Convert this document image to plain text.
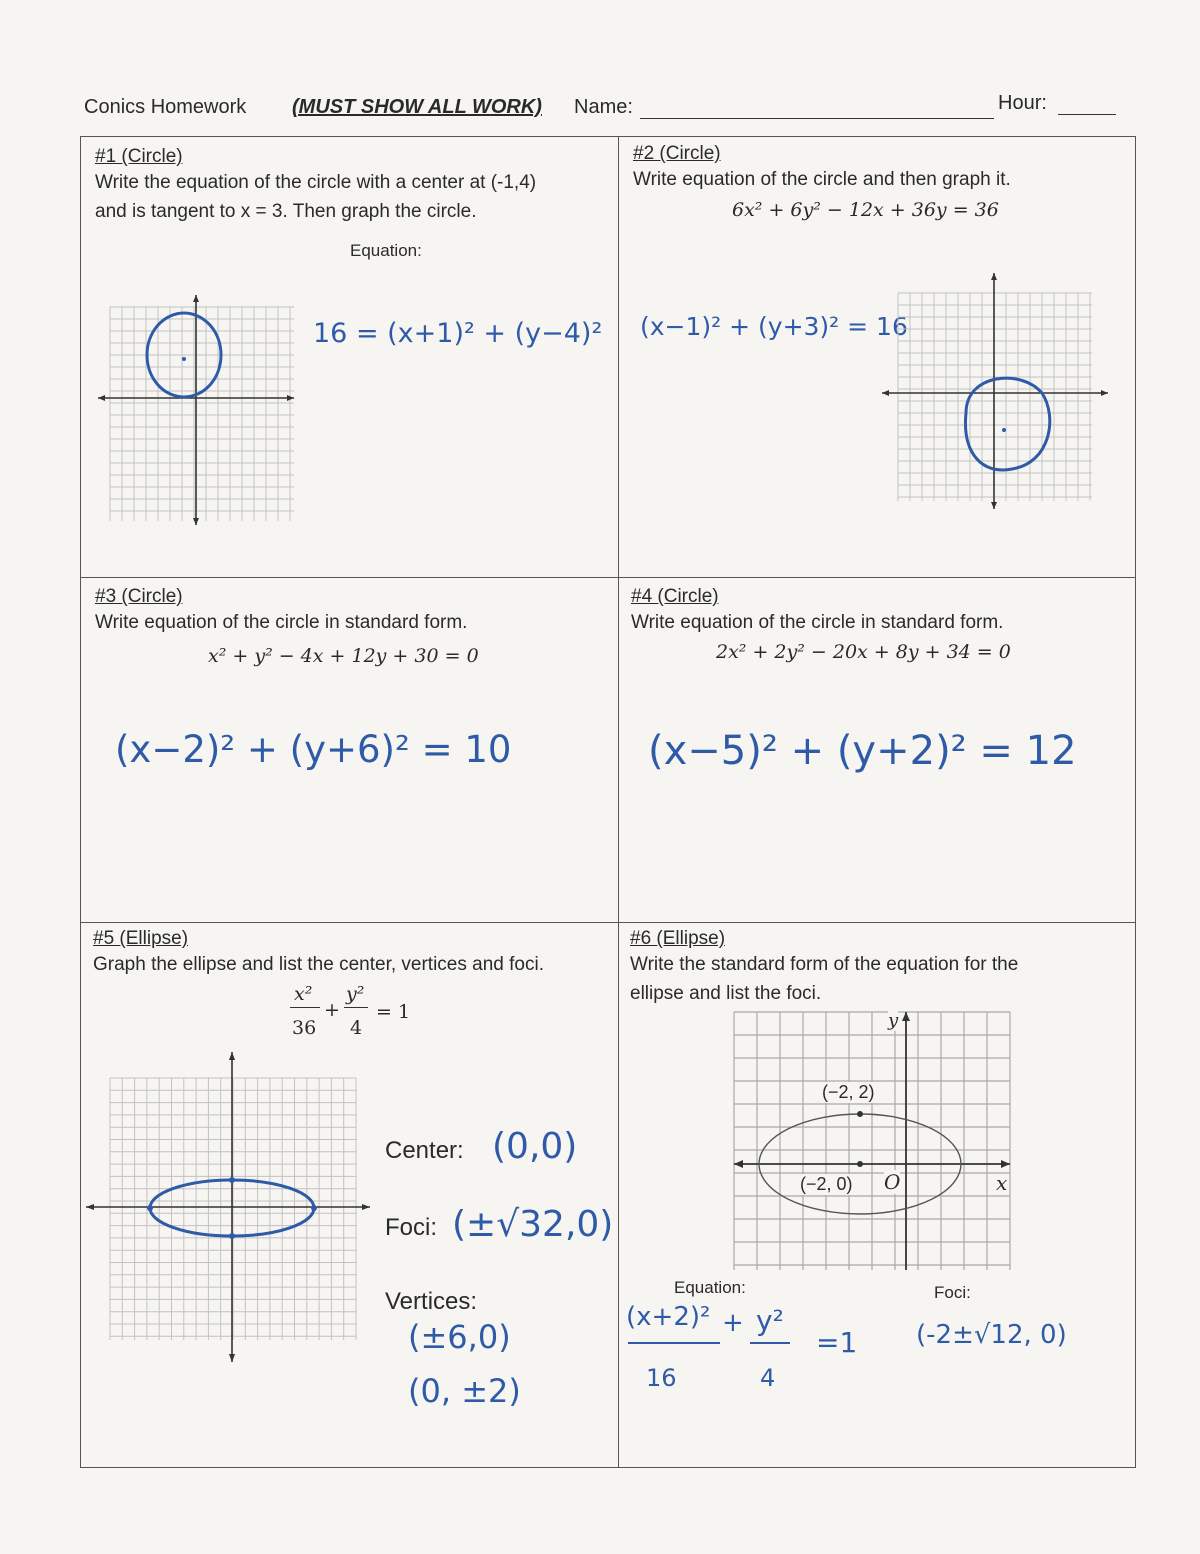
Conics Homework (MUST SHOW ALL WORK) Name:	Hour:
#1 (Circle)
Write the equation of the circle with a center at (-1,4)
and is tangent to x = 3. Then graph the circle.
Equation:
16 = (x+1)² + (y−4)²
#2 (Circle)
Write equation of the circle and then graph it.
6x² + 6y² − 12x + 36y = 36
(x−1)² + (y+3)² = 16
#3 (Circle)
Write equation of the circle in standard form.
x² + y² − 4x + 12y + 30 = 0
(x−2)² + (y+6)² = 10
#4 (Circle)
Write equation of the circle in standard form.
2x² + 2y² − 20x + 8y + 34 = 0
(x−5)² + (y+2)² = 12
#5 (Ellipse)
Graph the ellipse and list the center, vertices and foci.
x²
36
+
y²
4
= 1
Center: (0,0)
Foci: (±√32,0)
Vertices:
(±6,0)
(0, ±2)
#6 (Ellipse)
Write the standard form of the equation for the
ellipse and list the foci.
(−2, 2)
(−2, 0) O	x
y
Equation:	Foci:
(x+2)²
16
+ y²
4
=1 (-2±√12, 0)
